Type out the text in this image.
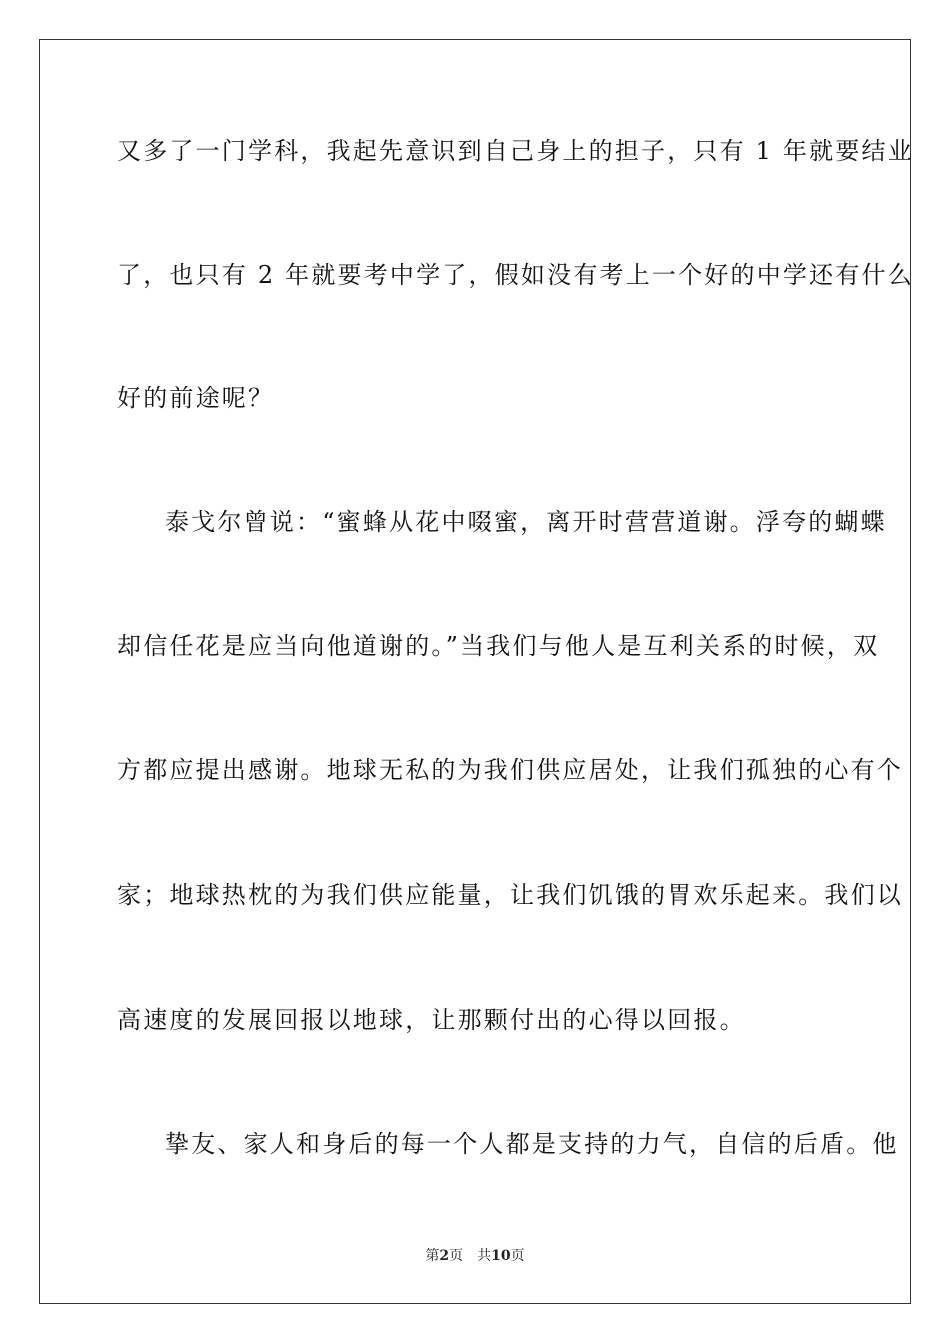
又多了一门学科，我起先意识到自己身上的担子，只有 1 年就要结业
了，也只有 2 年就要考中学了，假如没有考上一个好的中学还有什么
好的前途呢？
泰戈尔曾说：“蜜蜂从花中啜蜜，离开时营营道谢。浮夸的蝴蝶
却信任花是应当向他道谢的。”当我们与他人是互利关系的时候，双
方都应提出感谢。地球无私的为我们供应居处，让我们孤独的心有个
家；地球热枕的为我们供应能量，让我们饥饿的胃欢乐起来。我们以
高速度的发展回报以地球，让那颗付出的心得以回报。
挚友、家人和身后的每一个人都是支持的力气，自信的后盾。他
第2页 共10页
